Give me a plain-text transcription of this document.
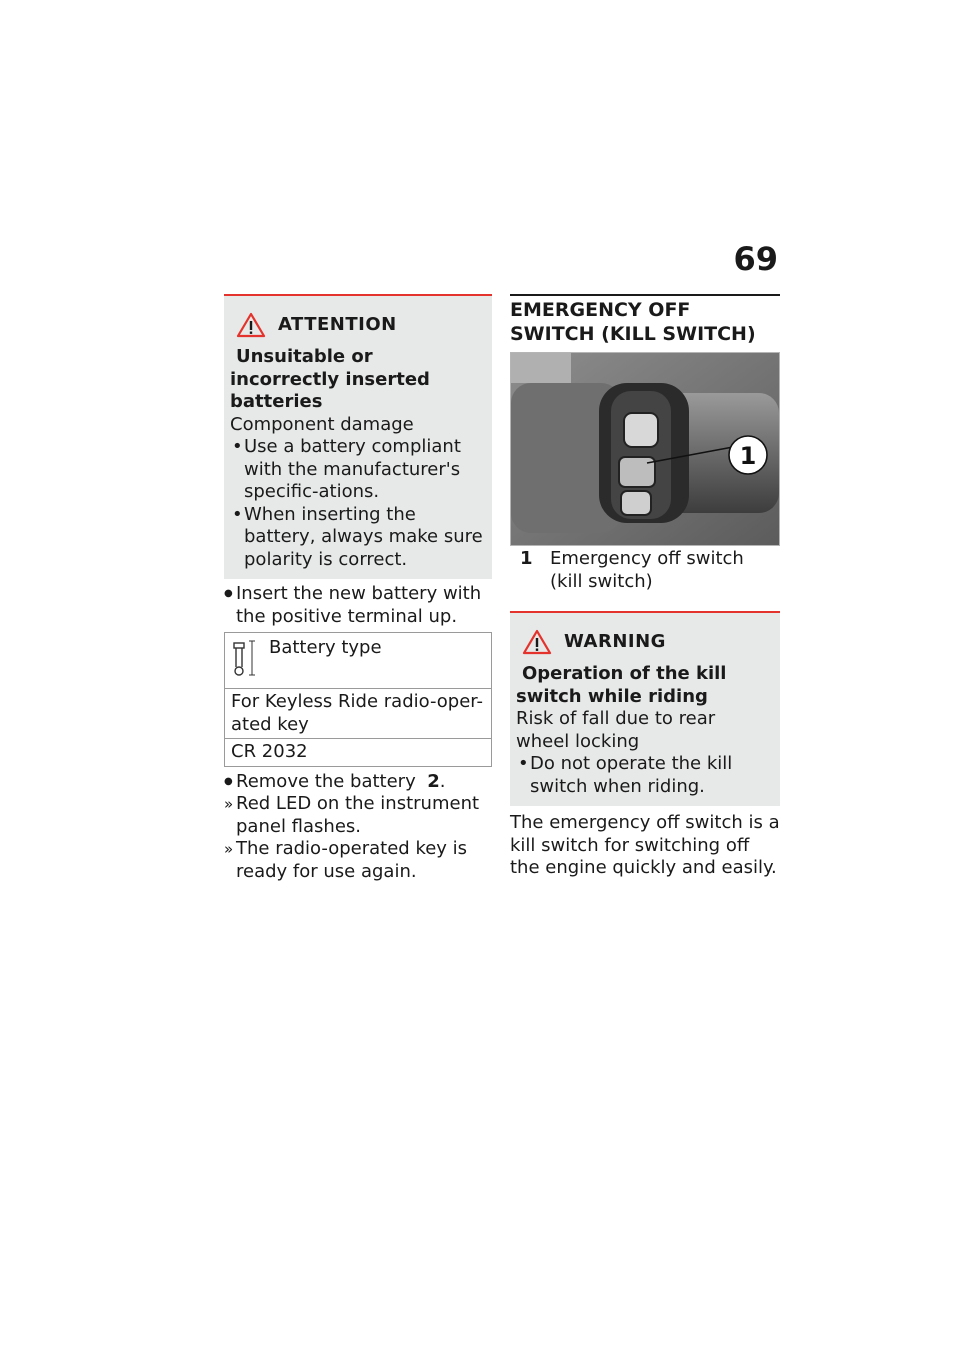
69
ATTENTION
Unsuitable or incorrectly inserted batteries
Component damage
• Use a battery compliant with the manufacturer's specific-ations.
• When inserting the battery, always make sure polarity is correct.
● Insert the new battery with the positive terminal up.
Battery type
For Keyless Ride radio-oper-ated key
CR 2032
● Remove the battery 2.
» Red LED on the instrument panel flashes.
» The radio-operated key is ready for use again.
EMERGENCY OFF SWITCH (KILL SWITCH)
1
1 Emergency off switch (kill switch)
WARNING
Operation of the kill switch while riding
Risk of fall due to rear wheel locking
• Do not operate the kill switch when riding.
The emergency off switch is a kill switch for switching off the engine quickly and easily.
